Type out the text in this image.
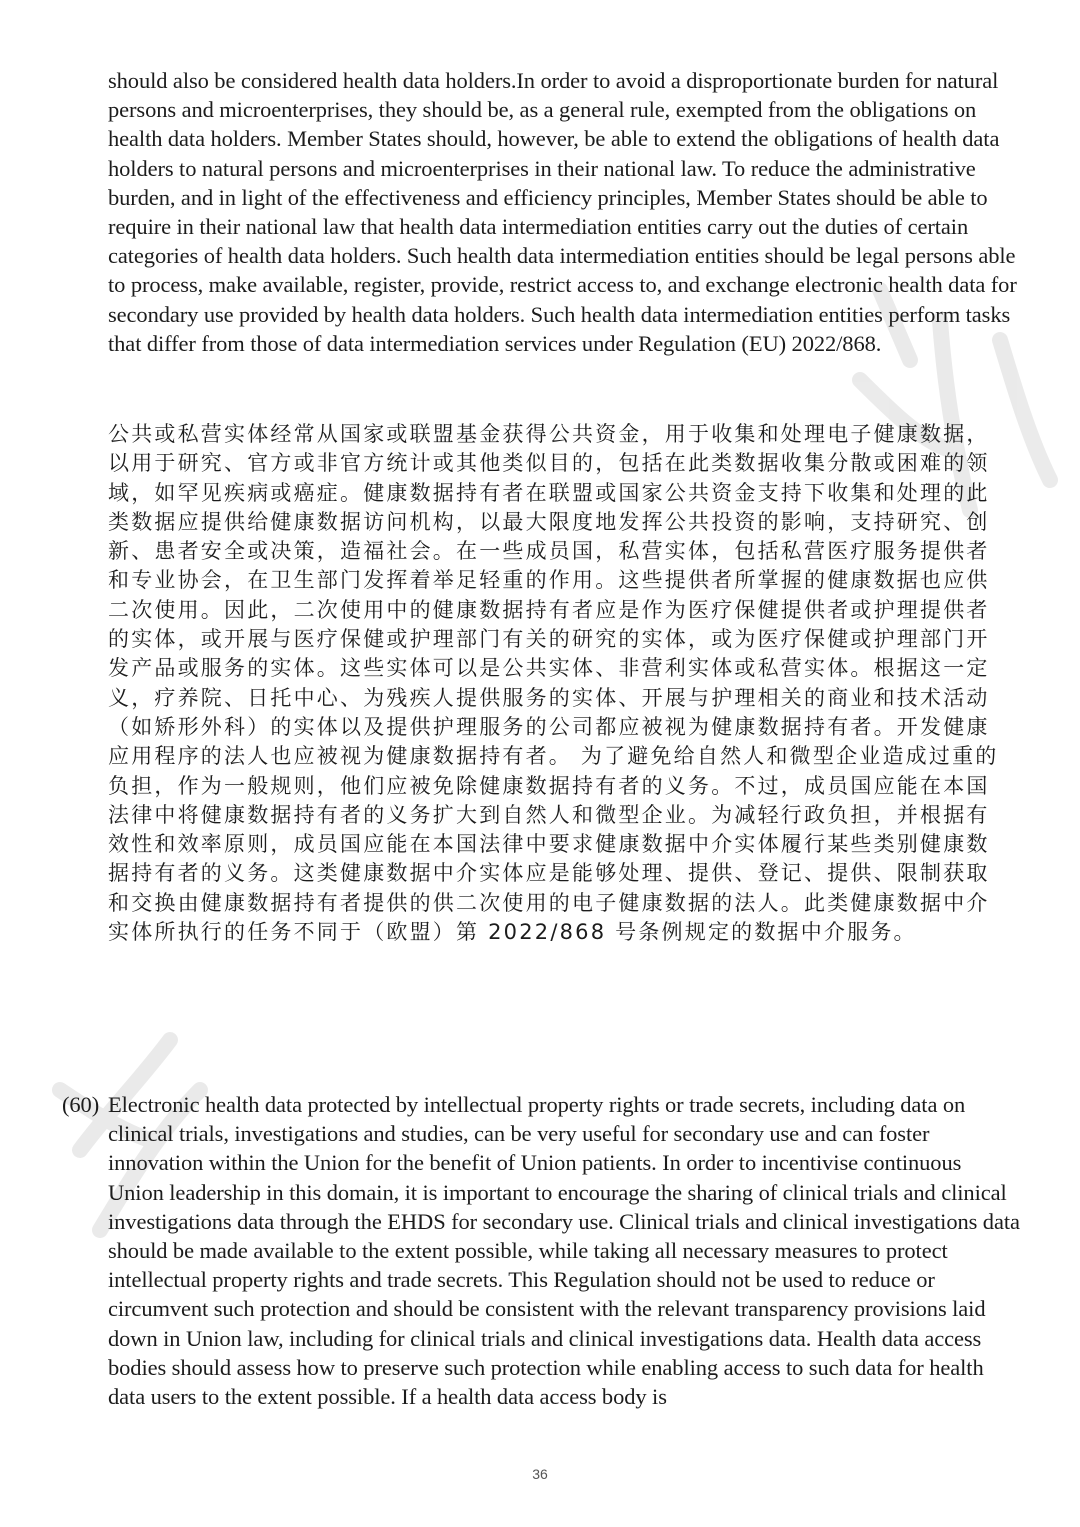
should also be considered health data holders.In order to avoid a disproportionate burden for natural persons and microenterprises, they should be, as a general rule, exempted from the obligations on health data holders. Member States should, however, be able to extend the obligations of health data holders to natural persons and microenterprises in their national law. To reduce the administrative burden, and in light of the effectiveness and efficiency principles, Member States should be able to require in their national law that health data intermediation entities carry out the duties of certain categories of health data holders. Such health data intermediation entities should be legal persons able to process, make available, register, provide, restrict access to, and exchange electronic health data for secondary use provided by health data holders. Such health data intermediation entities perform tasks that differ from those of data intermediation services under Regulation (EU) 2022/868.

公共或私营实体经常从国家或联盟基金获得公共资金，用于收集和处理电子健康数据，以用于研究、官方或非官方统计或其他类似目的，包括在此类数据收集分散或困难的领域，如罕见疾病或癌症。健康数据持有者在联盟或国家公共资金支持下收集和处理的此类数据应提供给健康数据访问机构，以最大限度地发挥公共投资的影响，支持研究、创新、患者安全或决策，造福社会。在一些成员国，私营实体，包括私营医疗服务提供者和专业协会，在卫生部门发挥着举足轻重的作用。这些提供者所掌握的健康数据也应供二次使用。因此，二次使用中的健康数据持有者应是作为医疗保健提供者或护理提供者的实体，或开展与医疗保健或护理部门有关的研究的实体，或为医疗保健或护理部门开发产品或服务的实体。这些实体可以是公共实体、非营利实体或私营实体。根据这一定义，疗养院、日托中心、为残疾人提供服务的实体、开展与护理相关的商业和技术活动（如矫形外科）的实体以及提供护理服务的公司都应被视为健康数据持有者。开发健康应用程序的法人也应被视为健康数据持有者。 为了避免给自然人和微型企业造成过重的负担，作为一般规则，他们应被免除健康数据持有者的义务。不过，成员国应能在本国法律中将健康数据持有者的义务扩大到自然人和微型企业。为减轻行政负担，并根据有效性和效率原则，成员国应能在本国法律中要求健康数据中介实体履行某些类别健康数据持有者的义务。这类健康数据中介实体应是能够处理、提供、登记、提供、限制获取和交换由健康数据持有者提供的供二次使用的电子健康数据的法人。此类健康数据中介实体所执行的任务不同于（欧盟）第 2022/868 号条例规定的数据中介服务。

(60) Electronic health data protected by intellectual property rights or trade secrets, including data on clinical trials, investigations and studies, can be very useful for secondary use and can foster innovation within the Union for the benefit of Union patients. In order to incentivise continuous Union leadership in this domain, it is important to encourage the sharing of clinical trials and clinical investigations data through the EHDS for secondary use. Clinical trials and clinical investigations data should be made available to the extent possible, while taking all necessary measures to protect intellectual property rights and trade secrets. This Regulation should not be used to reduce or circumvent such protection and should be consistent with the relevant transparency provisions laid down in Union law, including for clinical trials and clinical investigations data. Health data access bodies should assess how to preserve such protection while enabling access to such data for health data users to the extent possible. If a health data access body is
36
